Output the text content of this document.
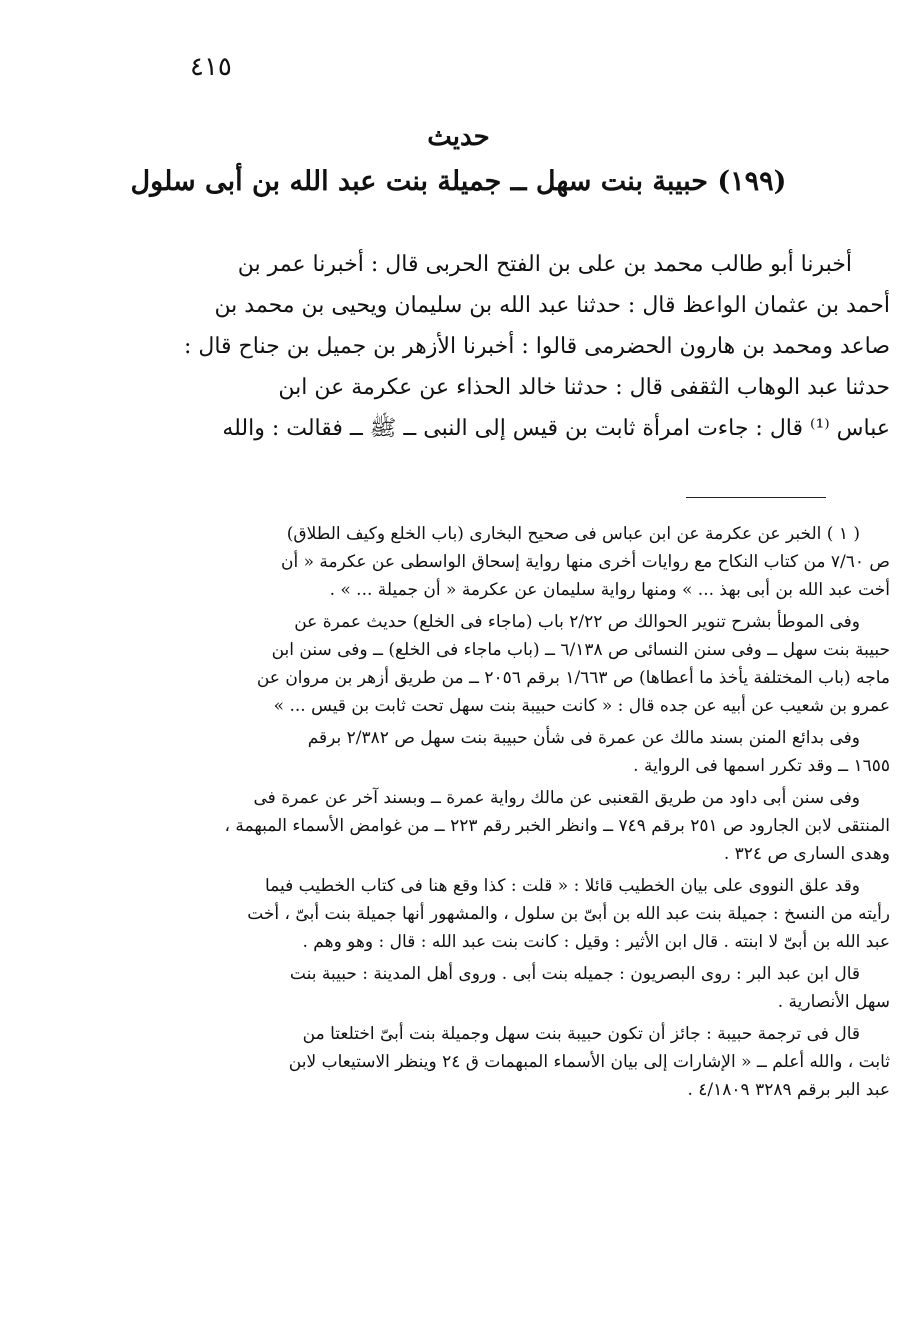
٤١٥
حديث
(١٩٩) حبيبة بنت سهل ــ جميلة بنت عبد الله بن أبى سلول
أخبرنا أبو طالب محمد بن على بن الفتح الحربى قال : أخبرنا عمر بن
أحمد بن عثمان الواعظ قال : حدثنا عبد الله بن سليمان ويحيى بن محمد بن
صاعد ومحمد بن هارون الحضرمى قالوا : أخبرنا الأزهر بن جميل بن جناح قال :
حدثنا عبد الوهاب الثقفى قال : حدثنا خالد الحذاء عن عكرمة عن ابن
عباس ⁽¹⁾ قال : جاءت امرأة ثابت بن قيس إلى النبى ــ ﷺ ــ فقالت : والله
( ١ ) الخبر عن عكرمة عن ابن عباس فى صحيح البخارى (باب الخلع وكيف الطلاق)
ص ٧/٦٠ من كتاب النكاح مع روايات أخرى منها رواية إسحاق الواسطى عن عكرمة « أن
أخت عبد الله بن أبى بهذ ... » ومنها رواية سليمان عن عكرمة « أن جميلة ... » .
وفى الموطأ بشرح تنوير الحوالك ص ٢/٢٢ باب (ماجاء فى الخلع) حديث عمرة عن
حبيبة بنت سهل ــ وفى سنن النسائى ص ٦/١٣٨ ــ (باب ماجاء فى الخلع) ــ وفى سنن ابن
ماجه (باب المختلفة يأخذ ما أعطاها) ص ١/٦٦٣ برقم ٢٠٥٦ ــ من طريق أزهر بن مروان عن
عمرو بن شعيب عن أبيه عن جده قال : « كانت حبيبة بنت سهل تحت ثابت بن قيس ... »
وفى بدائع المنن بسند مالك عن عمرة فى شأن حبيبة بنت سهل ص ٢/٣٨٢ برقم
١٦٥٥ ــ وقد تكرر اسمها فى الرواية .
وفى سنن أبى داود من طريق القعنبى عن مالك رواية عمرة ــ وبسند آخر عن عمرة فى
المنتقى لابن الجارود ص ٢٥١ برقم ٧٤٩ ــ وانظر الخبر رقم ٢٢٣ ــ من غوامض الأسماء المبهمة ،
وهدى السارى ص ٣٢٤ .
وقد علق النووى على بيان الخطيب قائلا : « قلت : كذا وقع هنا فى كتاب الخطيب فيما
رأيته من النسخ : جميلة بنت عبد الله بن أبىّ بن سلول ، والمشهور أنها جميلة بنت أبىّ ، أخت
عبد الله بن أبىّ لا ابنته . قال ابن الأثير : وقيل : كانت بنت عبد الله : قال : وهو وهم .
قال ابن عبد البر : روى البصريون : جميله بنت أبى . وروى أهل المدينة : حبيبة بنت
سهل الأنصارية .
قال فى ترجمة حبيبة : جائز أن تكون حبيبة بنت سهل وجميلة بنت أبىّ اختلعتا من
ثابت ، والله أعلم ــ « الإشارات إلى بيان الأسماء المبهمات ق ٢٤ وينظر الاستيعاب لابن
عبد البر برقم ٣٢٨٩ ٤/١٨٠٩ .
